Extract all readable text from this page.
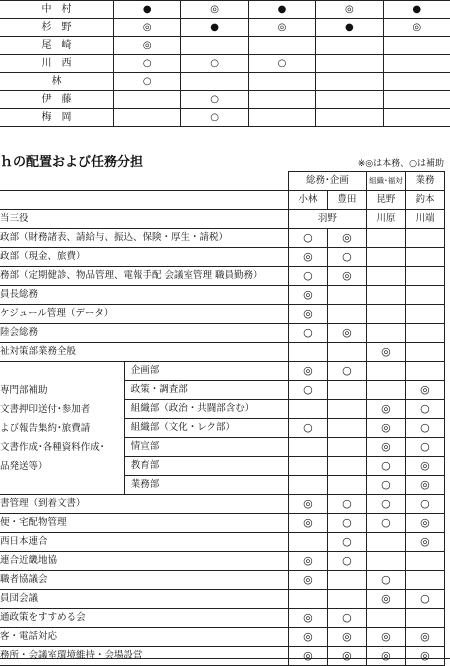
中　村	●	◎	●	◎	●
杉　野	◎	●	◎	●	◎
尾　崎	◎				
川　西	○	○	○		
林	○				
伊　藤		○			
梅　岡		○			
ｈの配置および任務分担	※◎は本務、○は補助
		総務･企画		組織･福対	業務
		小林	豊田	昆野	釣本
当三役		羽野		川原	川端
政部（財務諸表、請給与、振込、保険・厚生・請税）		○	◎		
政部（現金、旅費）		◎	○		
務部（定期健診、物品管理、電報手配 会議室管理 職員勤務）		○	◎		
員長総務		◎			
ケジュール管理（データ）		◎			
陸会総務		○	◎		
祉対策部業務全般				◎	
専門部補助
文書押印送付･参加者
よび報告集約･旅費請
文書作成･各種資料作成･
品発送等）	企画部	◎	○		
	政策・調査部	○			◎
	組織部（政治・共闘部含む）			◎	○
	組織部（文化・レク部）	○		◎	○
	情宣部			◎	○
	教育部			○	◎
	業務部			○	◎
書管理（到着文書）		◎	○	○	○
便・宅配物管理		◎	○	○	◎
西日本連合			○		◎
連合近畿地協		◎	○		
職者協議会		◎		○	
員団会議				◎	○
通政策をすすめる会		◎	○		
客・電話対応		◎	◎	◎	◎
務所・会議室環境維持・会場設営		◎	◎	◎	◎
